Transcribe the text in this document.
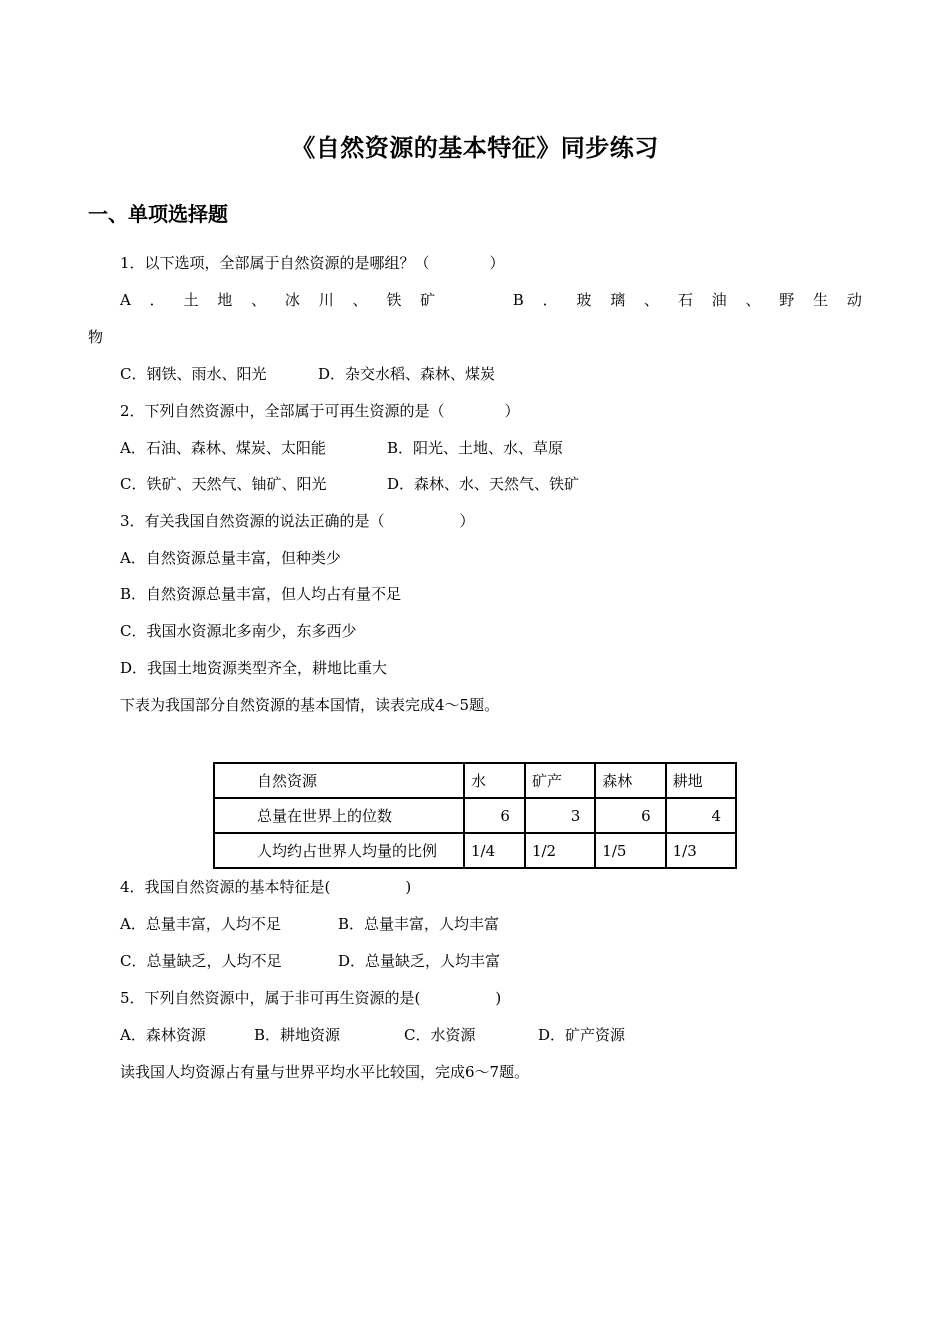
《自然资源的基本特征》同步练习
一、单项选择题
1．以下选项，全部属于自然资源的是哪组？（　　　　）
A ． 土 地 、 冰 川 、 铁 矿	B ． 玻 璃 、 石 油 、 野 生 动
物
C．钢铁、雨水、阳光	D．杂交水稻、森林、煤炭
2．下列自然资源中，全部属于可再生资源的是（　　　　）
A．石油、森林、煤炭、太阳能	B．阳光、土地、水、草原
C．铁矿、天然气、铀矿、阳光	D．森林、水、天然气、铁矿
3．有关我国自然资源的说法正确的是（　　　　　）
A．自然资源总量丰富，但种类少
B．自然资源总量丰富，但人均占有量不足
C．我国水资源北多南少，东多西少
D．我国土地资源类型齐全，耕地比重大
下表为我国部分自然资源的基本国情，读表完成4～5题。
自然资源	水	矿产	森林	耕地
总量在世界上的位数	6	3	6	4
人均约占世界人均量的比例	1/4	1/2	1/5	1/3
4．我国自然资源的基本特征是(　　　　　)
A．总量丰富，人均不足	B．总量丰富，人均丰富
C．总量缺乏，人均不足	D．总量缺乏，人均丰富
5．下列自然资源中，属于非可再生资源的是(　　　　　)
A．森林资源	B．耕地资源	C．水资源	D．矿产资源
读我国人均资源占有量与世界平均水平比较国，完成6～7题。
